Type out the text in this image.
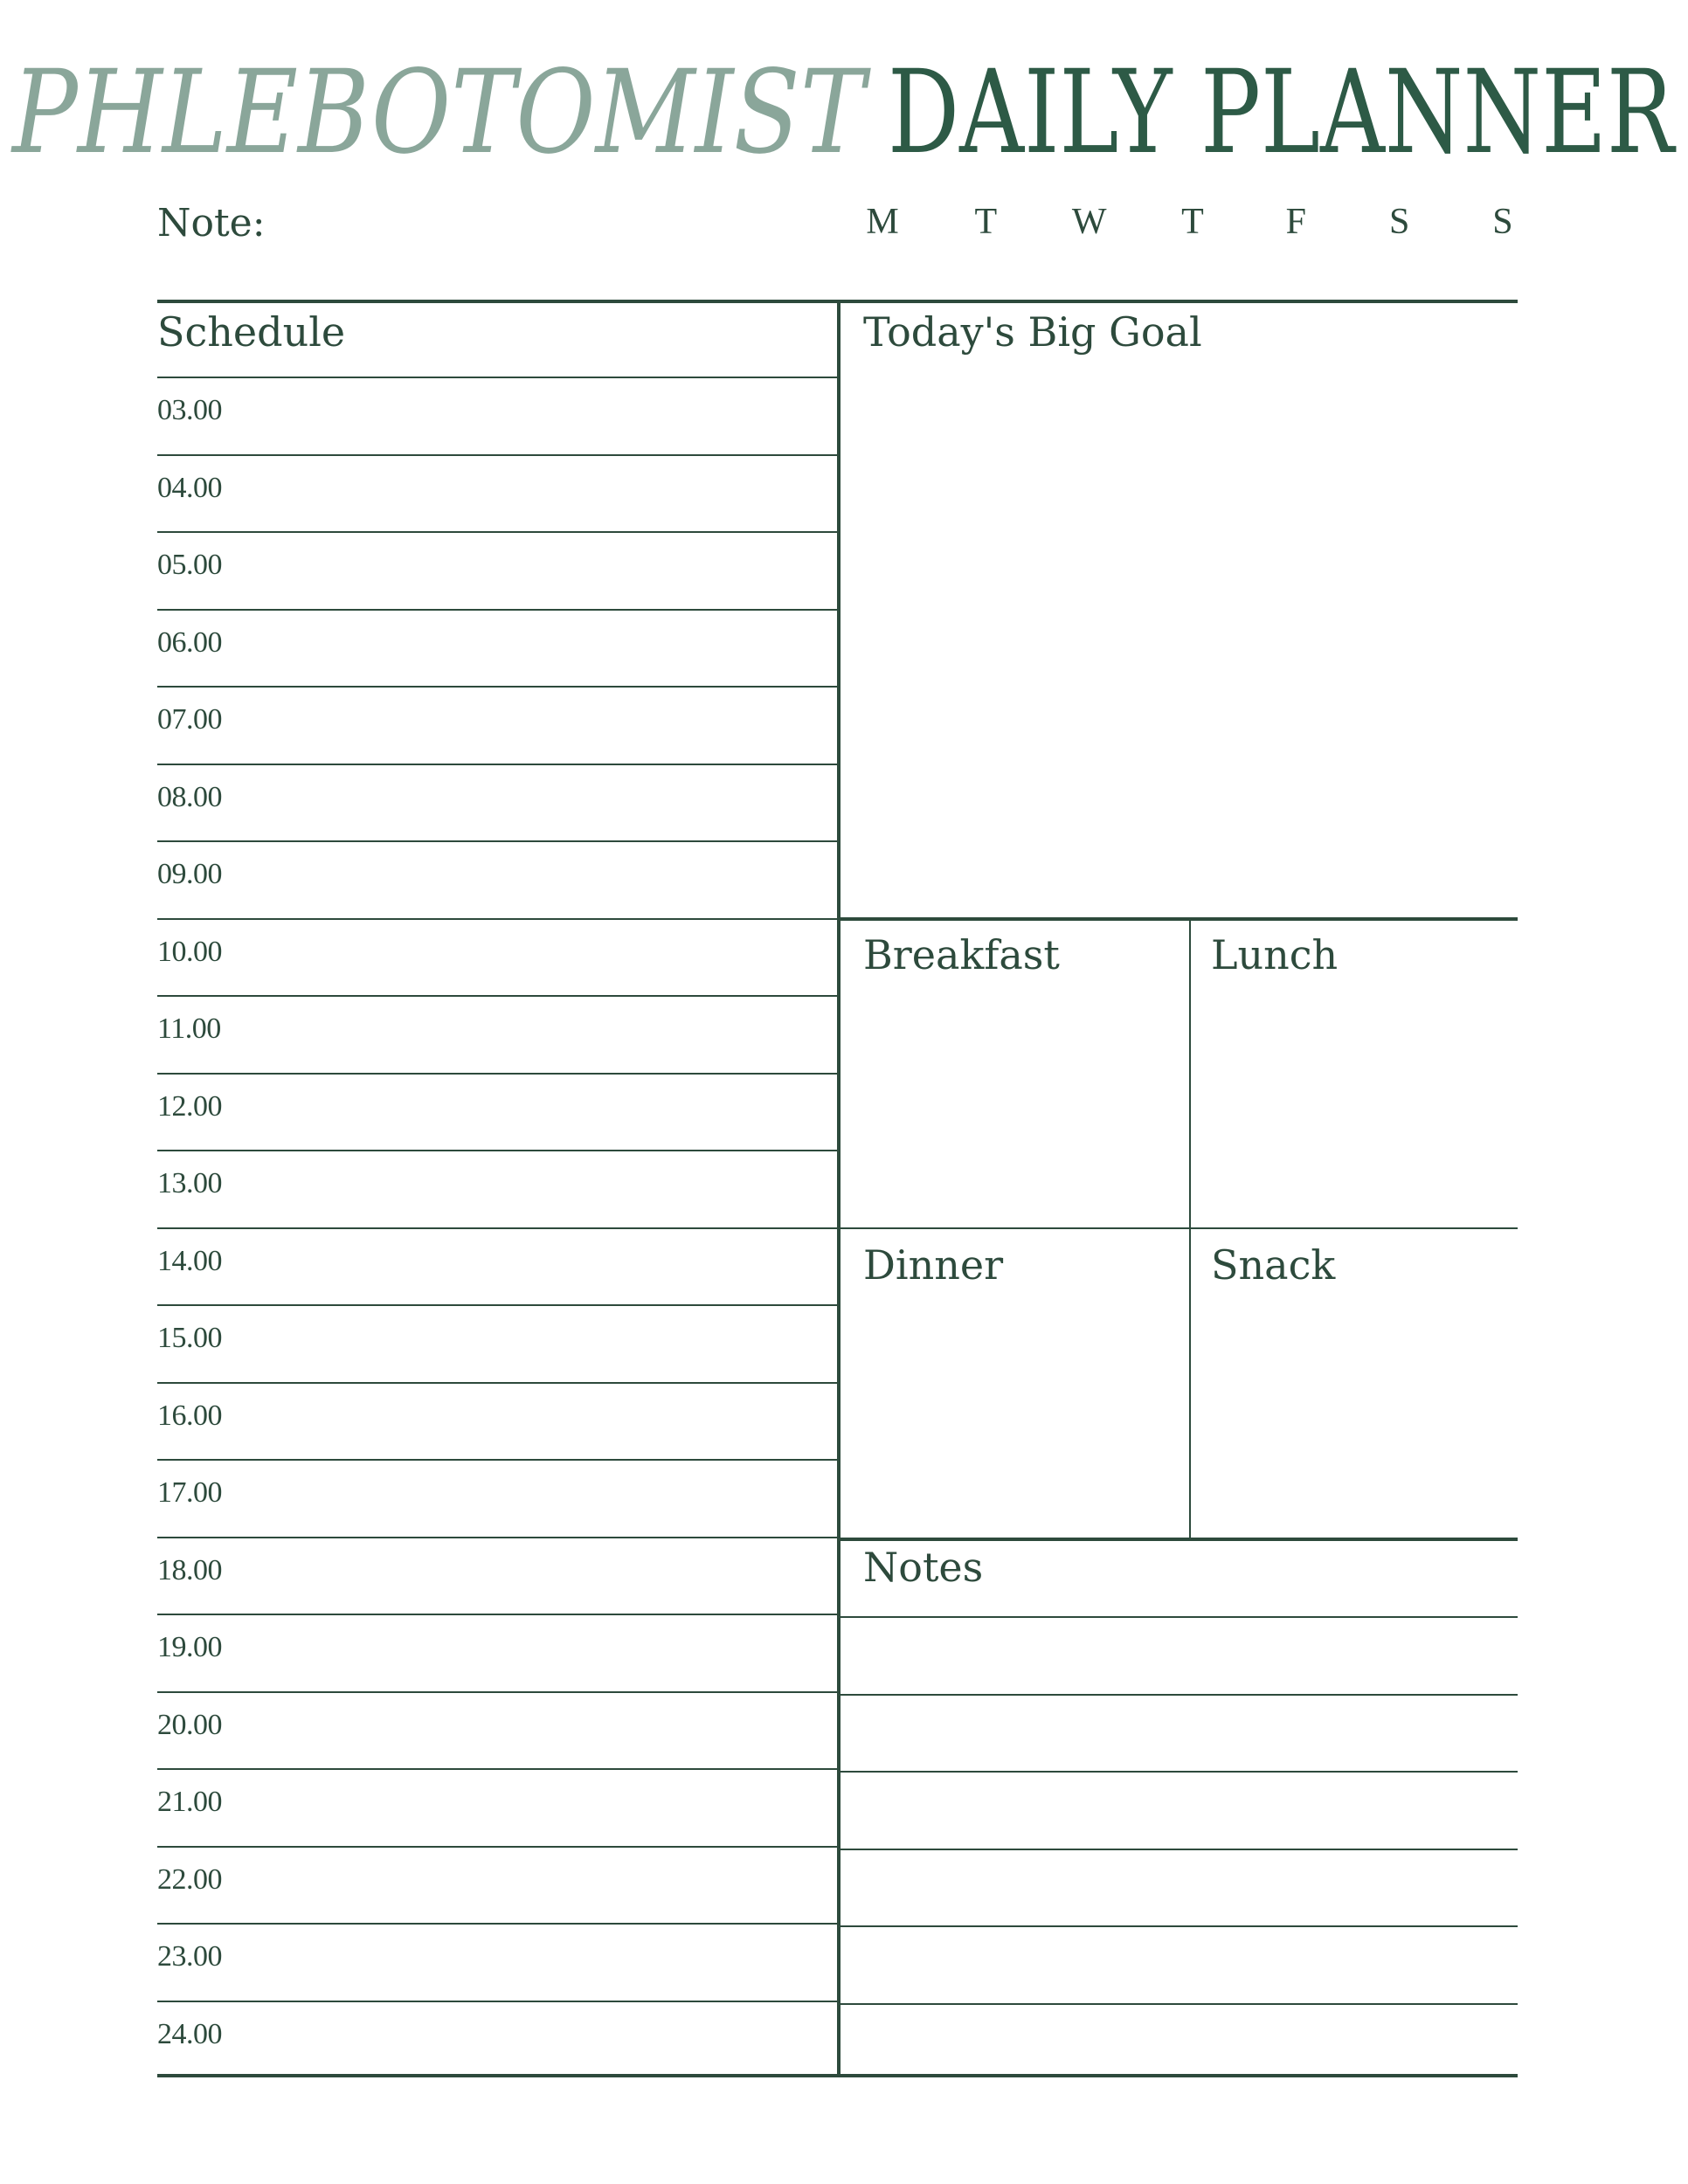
PHLEBOTOMIST DAILY PLANNER
Note:	M	T	W	T	F	S	S
Schedule
03.00
04.00
05.00
06.00
07.00
08.00
09.00
10.00
11.00
12.00
13.00
14.00
15.00
16.00
17.00
18.00
19.00
20.00
21.00
22.00
23.00
24.00
Today's Big Goal
Breakfast	Lunch
Dinner	Snack
Notes
